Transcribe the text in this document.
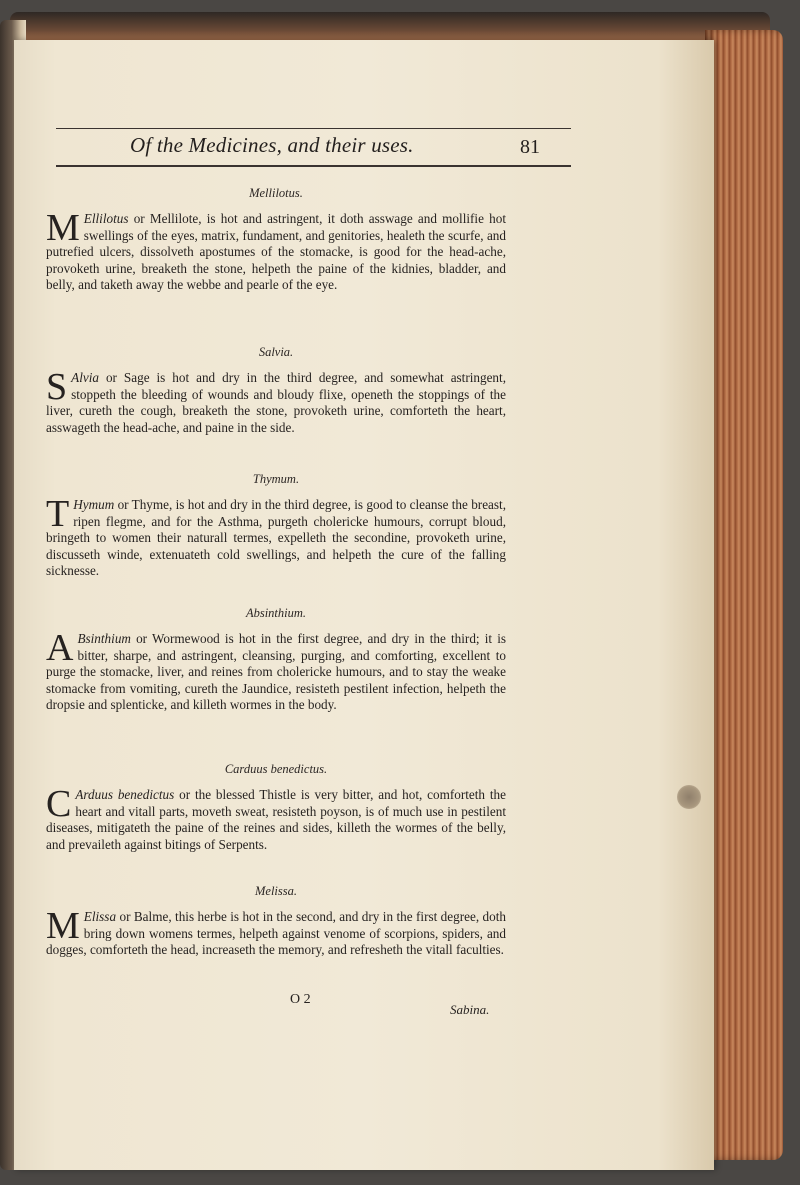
Of the Medicines, and their uses.	81

Mellilotus.

M Ellilotus or Mellilote, is hot and astringent, it doth asswage and mollifie hot swellings of the eyes, matrix, fundament, and genitories, healeth the scurfe, and putrefied ulcers, dissolveth apostumes of the stomacke, is good for the head-ache, provoketh urine, breaketh the stone, helpeth the paine of the kidnies, bladder, and belly, and taketh away the webbe and pearle of the eye.

Salvia.

S Alvia or Sage is hot and dry in the third degree, and somewhat astringent, stoppeth the bleeding of wounds and bloudy flixe, openeth the stoppings of the liver, cureth the cough, breaketh the stone, provoketh urine, comforteth the heart, asswageth the head-ache, and paine in the side.

Thymum.

T Hymum or Thyme, is hot and dry in the third degree, is good to cleanse the breast, ripen flegme, and for the Asthma, purgeth cholericke humours, corrupt bloud, bringeth to women their naturall termes, expelleth the secondine, provoketh urine, discusseth winde, extenuateth cold swellings, and helpeth the cure of the falling sicknesse.

Absinthium.

A Bsinthium or Wormewood is hot in the first degree, and dry in the third; it is bitter, sharpe, and astringent, cleansing, purging, and comforting, excellent to purge the stomacke, liver, and reines from cholericke humours, and to stay the weake stomacke from vomiting, cureth the Jaundice, resisteth pestilent infection, helpeth the dropsie and splenticke, and killeth wormes in the body.

Carduus benedictus.

C Arduus benedictus or the blessed Thistle is very bitter, and hot, comforteth the heart and vitall parts, moveth sweat, resisteth poyson, is of much use in pestilent diseases, mitigateth the paine of the reines and sides, killeth the wormes of the belly, and prevaileth against bitings of Serpents.

Melissa.

M Elissa or Balme, this herbe is hot in the second, and dry in the first degree, doth bring down womens termes, helpeth against venome of scorpions, spiders, and dogges, comforteth the head, increaseth the memory, and refresheth the vitall faculties.

O 2
Sabina.
